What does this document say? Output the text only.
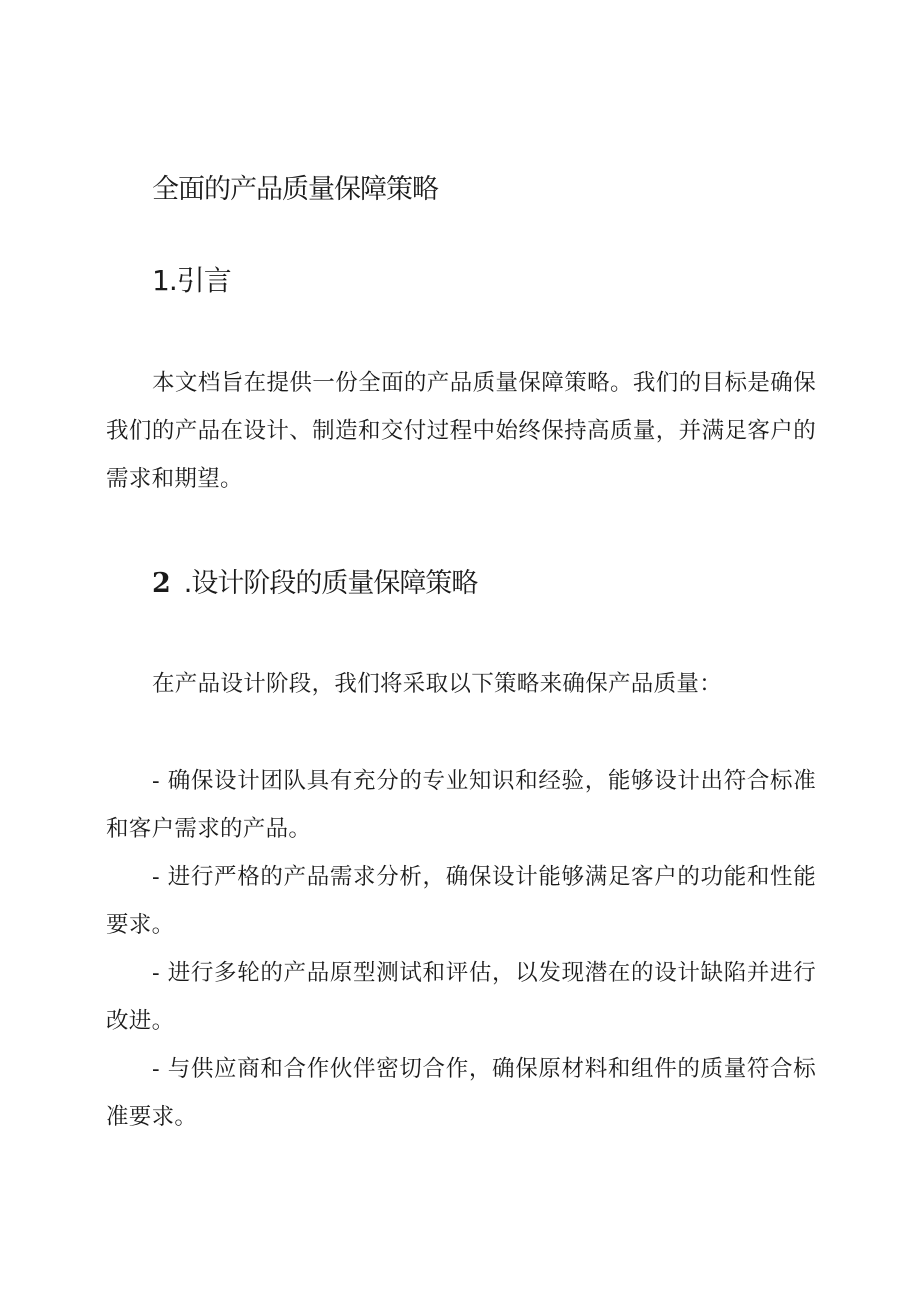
全面的产品质量保障策略
1.引言

本文档旨在提供一份全面的产品质量保障策略。我们的目标是确保我们的产品在设计、制造和交付过程中始终保持高质量，并满足客户的需求和期望。

2 .设计阶段的质量保障策略

在产品设计阶段，我们将采取以下策略来确保产品质量：

- 确保设计团队具有充分的专业知识和经验，能够设计出符合标准和客户需求的产品。

- 进行严格的产品需求分析，确保设计能够满足客户的功能和性能要求。

- 进行多轮的产品原型测试和评估，以发现潜在的设计缺陷并进行改进。

- 与供应商和合作伙伴密切合作，确保原材料和组件的质量符合标准要求。
